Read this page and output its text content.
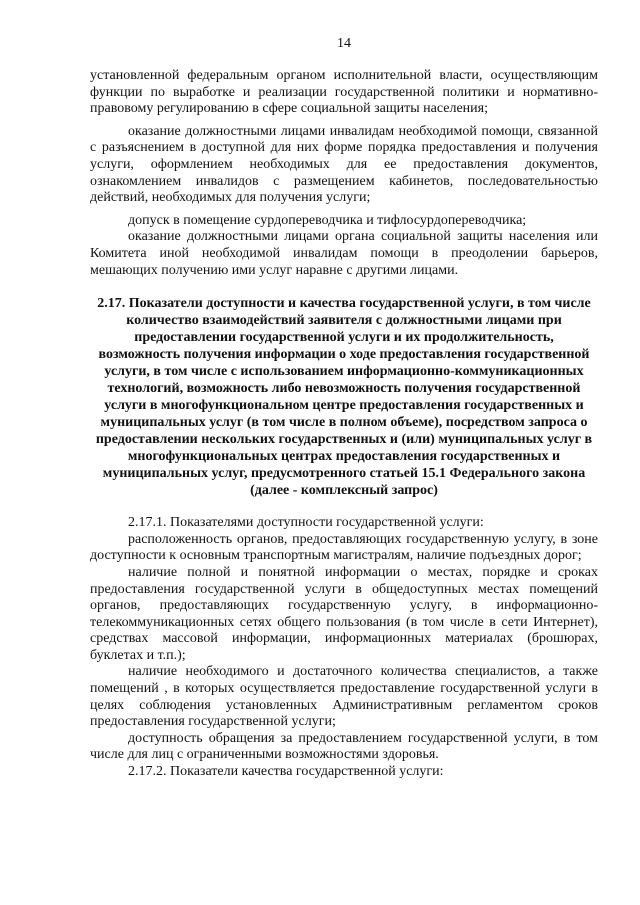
14

установленной федеральным органом исполнительной власти, осуществляющим функции по выработке и реализации государственной политики и нормативно-правовому регулированию в сфере социальной защиты населения;

оказание должностными лицами инвалидам необходимой помощи, связанной с разъяснением в доступной для них форме порядка предоставления и получения услуги, оформлением необходимых для ее предоставления документов, ознакомлением инвалидов с размещением кабинетов, последовательностью действий, необходимых для получения услуги;

допуск в помещение сурдопереводчика и тифлосурдопереводчика;

оказание должностными лицами органа социальной защиты населения или Комитета иной необходимой инвалидам помощи в преодолении барьеров, мешающих получению ими услуг наравне с другими лицами.

2.17. Показатели доступности и качества государственной услуги, в том числе количество взаимодействий заявителя с должностными лицами при предоставлении государственной услуги и их продолжительность, возможность получения информации о ходе предоставления государственной услуги, в том числе с использованием информационно-коммуникационных технологий, возможность либо невозможность получения государственной услуги в многофункциональном центре предоставления государственных и муниципальных услуг (в том числе в полном объеме), посредством запроса о предоставлении нескольких государственных и (или) муниципальных услуг в многофункциональных центрах предоставления государственных и муниципальных услуг, предусмотренного статьей 15.1 Федерального закона (далее - комплексный запрос)

2.17.1. Показателями доступности государственной услуги:

расположенность органов, предоставляющих государственную услугу, в зоне доступности к основным транспортным магистралям, наличие подъездных дорог;

наличие полной и понятной информации о местах, порядке и сроках предоставления государственной услуги в общедоступных местах помещений органов, предоставляющих государственную услугу, в информационно-телекоммуникационных сетях общего пользования (в том числе в сети Интернет), средствах массовой информации, информационных материалах (брошюрах, буклетах и т.п.);

наличие необходимого и достаточного количества специалистов, а также помещений , в которых осуществляется предоставление государственной услуги в целях соблюдения установленных Административным регламентом сроков предоставления государственной услуги;

доступность обращения за предоставлением государственной услуги, в том числе для лиц с ограниченными возможностями здоровья.

2.17.2. Показатели качества государственной услуги:
